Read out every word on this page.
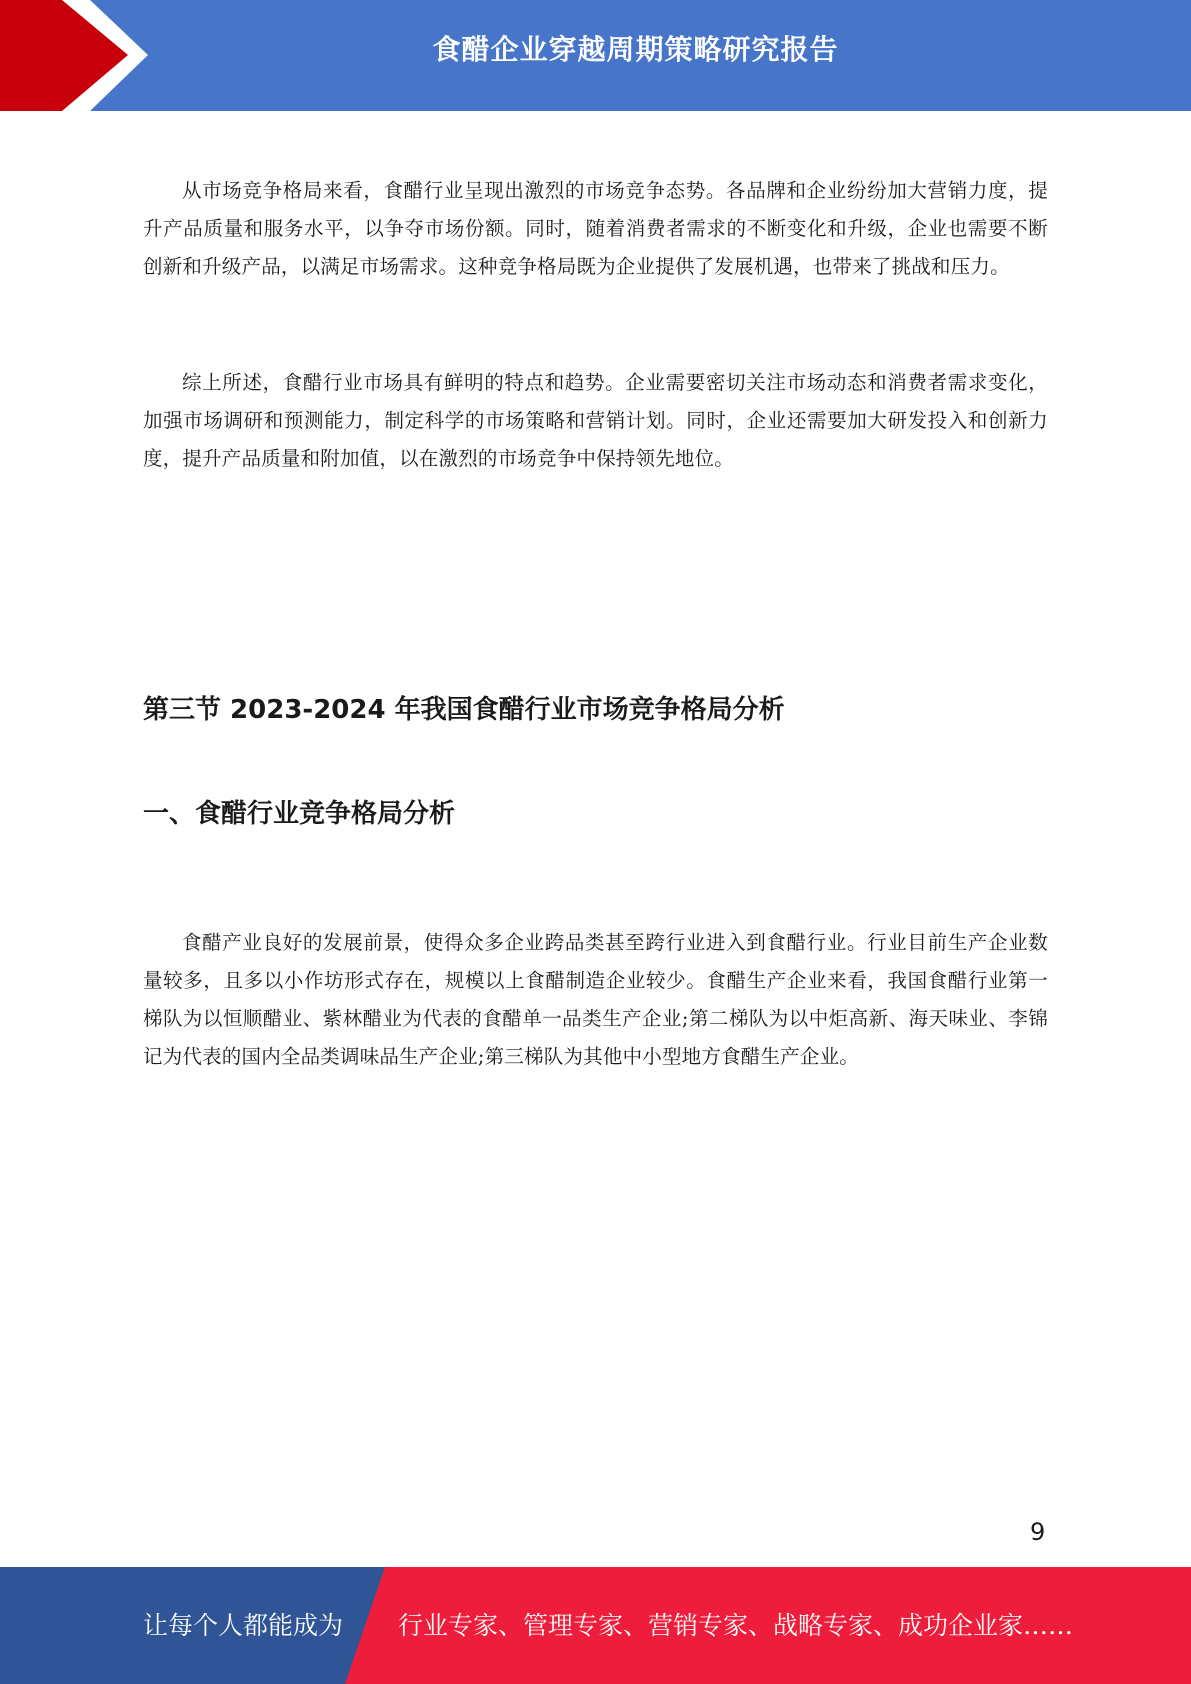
食醋企业穿越周期策略研究报告

从市场竞争格局来看，食醋行业呈现出激烈的市场竞争态势。各品牌和企业纷纷加大营销力度，提升产品质量和服务水平，以争夺市场份额。同时，随着消费者需求的不断变化和升级，企业也需要不断创新和升级产品，以满足市场需求。这种竞争格局既为企业提供了发展机遇，也带来了挑战和压力。

综上所述，食醋行业市场具有鲜明的特点和趋势。企业需要密切关注市场动态和消费者需求变化，加强市场调研和预测能力，制定科学的市场策略和营销计划。同时，企业还需要加大研发投入和创新力度，提升产品质量和附加值，以在激烈的市场竞争中保持领先地位。

第三节 2023-2024 年我国食醋行业市场竞争格局分析
一、食醋行业竞争格局分析

食醋产业良好的发展前景，使得众多企业跨品类甚至跨行业进入到食醋行业。行业目前生产企业数量较多，且多以小作坊形式存在，规模以上食醋制造企业较少。食醋生产企业来看，我国食醋行业第一梯队为以恒顺醋业、紫林醋业为代表的食醋单一品类生产企业;第二梯队为以中炬高新、海天味业、李锦记为代表的国内全品类调味品生产企业;第三梯队为其他中小型地方食醋生产企业。

9
让每个人都能成为 行业专家、管理专家、营销专家、战略专家、成功企业家……
